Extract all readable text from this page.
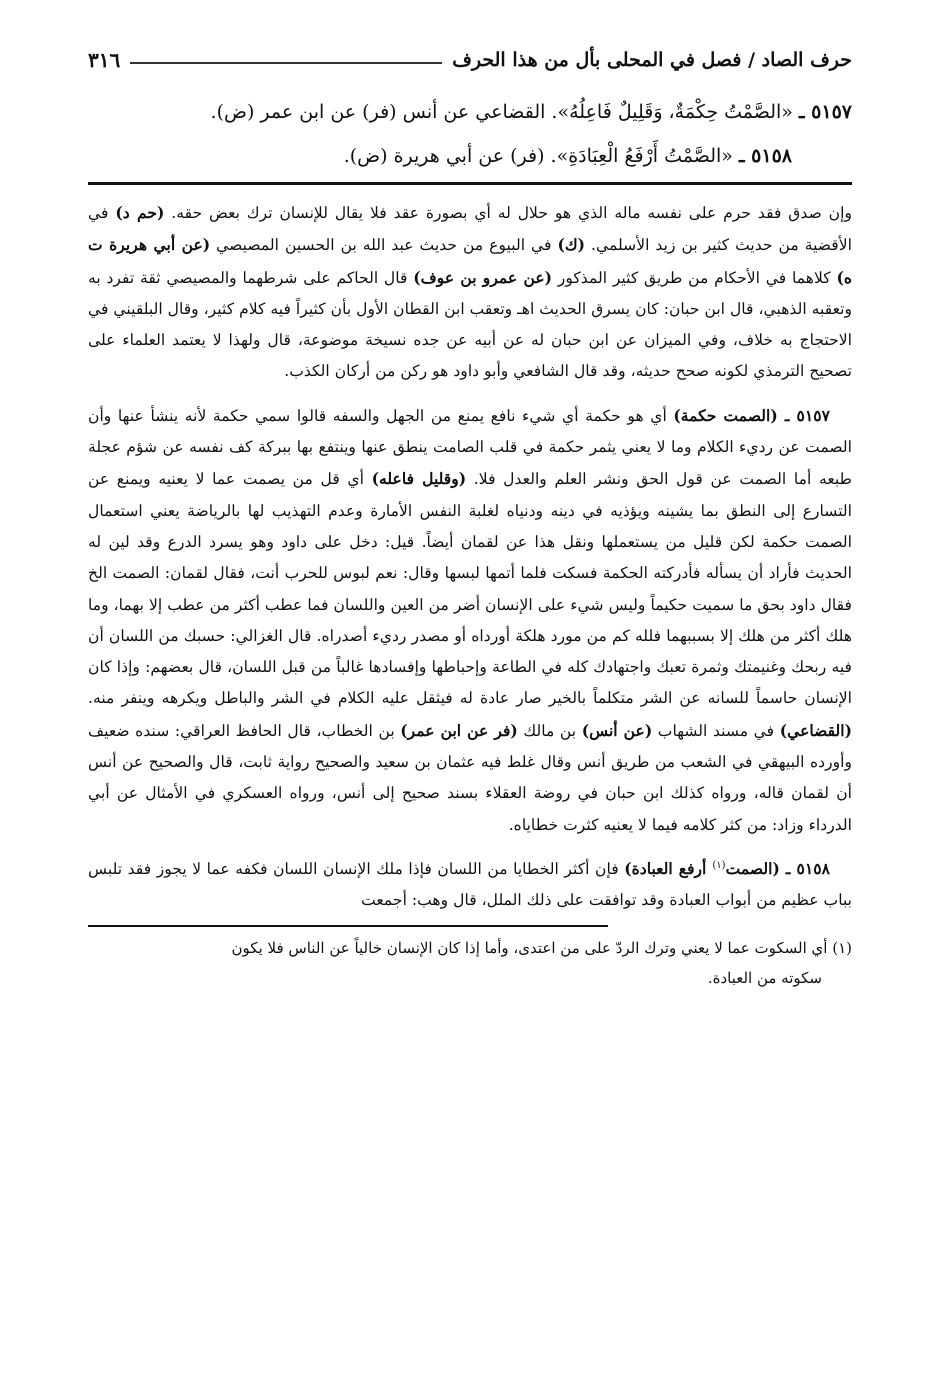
حرف الصاد / فصل في المحلى بأل من هذا الحرف
٣١٦

٥١٥٧ ـ «الصَّمْتُ حِكْمَةٌ، وَقَلِيلٌ فَاعِلُهُ». القضاعي عن أنس (فر) عن ابن عمر (ض).

٥١٥٨ ـ «الصَّمْتُ أَرْفَعُ الْعِبَادَةِ». (فر) عن أبي هريرة (ض).

وإن صدق فقد حرم على نفسه ماله الذي هو حلال له أي بصورة عقد فلا يقال للإنسان ترك بعض حقه. (حم د) في الأقضية من حديث كثير بن زيد الأسلمي. (ك) في البيوع من حديث عبد الله بن الحسين المصيصي (عن أبي هريرة ت ه) كلاهما في الأحكام من طريق كثير المذكور (عن عمرو بن عوف) قال الحاكم على شرطهما والمصيصي ثقة تفرد به وتعقبه الذهبي، قال ابن حبان: كان يسرق الحديث اهـ وتعقب ابن القطان الأول بأن كثيراً فيه كلام كثير، وقال البلقيني في الاحتجاج به خلاف، وفي الميزان عن ابن حبان له عن أبيه عن جده نسيخة موضوعة، قال ولهذا لا يعتمد العلماء على تصحيح الترمذي لكونه صحح حديثه، وقد قال الشافعي وأبو داود هو ركن من أركان الكذب.

٥١٥٧ ـ (الصمت حكمة) أي هو حكمة أي شيء نافع يمنع من الجهل والسفه قالوا سمي حكمة لأنه ينشأ عنها وأن الصمت عن رديء الكلام وما لا يعني يثمر حكمة في قلب الصامت ينطق عنها وينتفع بها ببركة كف نفسه عن شؤم عجلة طبعه أما الصمت عن قول الحق ونشر العلم والعدل فلا. (وقليل فاعله) أي قل من يصمت عما لا يعنيه ويمنع عن التسارع إلى النطق بما يشينه ويؤذيه في دينه ودنياه لغلبة النفس الأمارة وعدم التهذيب لها بالرياضة يعني استعمال الصمت حكمة لكن قليل من يستعملها ونقل هذا عن لقمان أيضاً. قيل: دخل على داود وهو يسرد الدرع وقد لين له الحديث فأراد أن يسأله فأدركته الحكمة فسكت فلما أتمها لبسها وقال: نعم لبوس للحرب أنت، فقال لقمان: الصمت الخ فقال داود بحق ما سميت حكيماً وليس شيء على الإنسان أضر من العين واللسان فما عطب أكثر من عطب إلا بهما، وما هلك أكثر من هلك إلا بسببهما فلله كم من مورد هلكة أورداه أو مصدر رديء أصدراه. قال الغزالي: حسبك من اللسان أن فيه ربحك وغنيمتك وثمرة تعبك واجتهادك كله في الطاعة وإحباطها وإفسادها غالباً من قبل اللسان، قال بعضهم: وإذا كان الإنسان حاسماً للسانه عن الشر متكلماً بالخير صار عادة له فيثقل عليه الكلام في الشر والباطل ويكرهه وينفر منه. (القضاعي) في مسند الشهاب (عن أنس) بن مالك (فر عن ابن عمر) بن الخطاب، قال الحافظ العراقي: سنده ضعيف وأورده البيهقي في الشعب من طريق أنس وقال غلط فيه عثمان بن سعيد والصحيح رواية ثابت، قال والصحيح عن أنس أن لقمان قاله، ورواه كذلك ابن حبان في روضة العقلاء بسند صحيح إلى أنس، ورواه العسكري في الأمثال عن أبي الدرداء وزاد: من كثر كلامه فيما لا يعنيه كثرت خطاياه.

٥١٥٨ ـ (الصمت$^{(١)}$ أرفع العبادة) فإن أكثر الخطايا من اللسان فإذا ملك الإنسان اللسان فكفه عما لا يجوز فقد تلبس بباب عظيم من أبواب العبادة وقد توافقت على ذلك الملل، قال وهب: أجمعت

(١) أي السكوت عما لا يعني وترك الردّ على من اعتدى، وأما إذا كان الإنسان خالياً عن الناس فلا يكون
سكوته من العبادة.
